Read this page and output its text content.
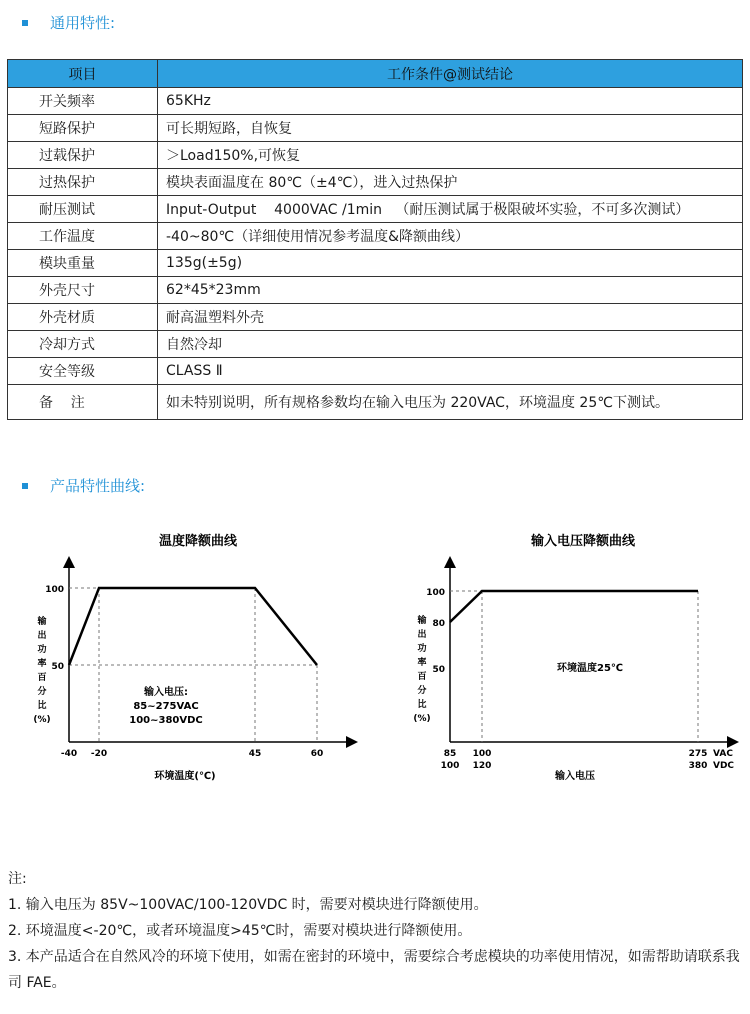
通用特性:
项目	工作条件@测试结论
开关频率	65KHz
短路保护	可长期短路，自恢复
过载保护	＞Load150%,可恢复
过热保护	模块表面温度在 80℃（±4℃），进入过热保护
耐压测试	Input-Output    4000VAC /1min   （耐压测试属于极限破坏实验，不可多次测试）
工作温度	-40~80℃（详细使用情况参考温度&降额曲线）
模块重量	135g(±5g)
外壳尺寸	62*45*23mm
外壳材质	耐高温塑料外壳
冷却方式	自然冷却
安全等级	CLASS Ⅱ
备    注	如未特别说明，所有规格参数均在输入电压为 220VAC，环境温度 25℃下测试。
产品特性曲线:
温度降额曲线
100
50
-40 -20	45	60
输
出
功
率
百
分
比
(%)
输入电压:
85~275VAC
100~380VDC
环境温度(℃)
输入电压降额曲线
100
80
50
85 100	275
100 120	380
VAC
VDC
输
出
功
率
百
分
比
(%)
环境温度25℃
输入电压

注:

1. 输入电压为 85V~100VAC/100-120VDC 时，需要对模块进行降额使用。

2. 环境温度<-20℃，或者环境温度>45℃时，需要对模块进行降额使用。

3. 本产品适合在自然风冷的环境下使用，如需在密封的环境中，需要综合考虑模块的功率使用情况，如需帮助请联系我司 FAE。
